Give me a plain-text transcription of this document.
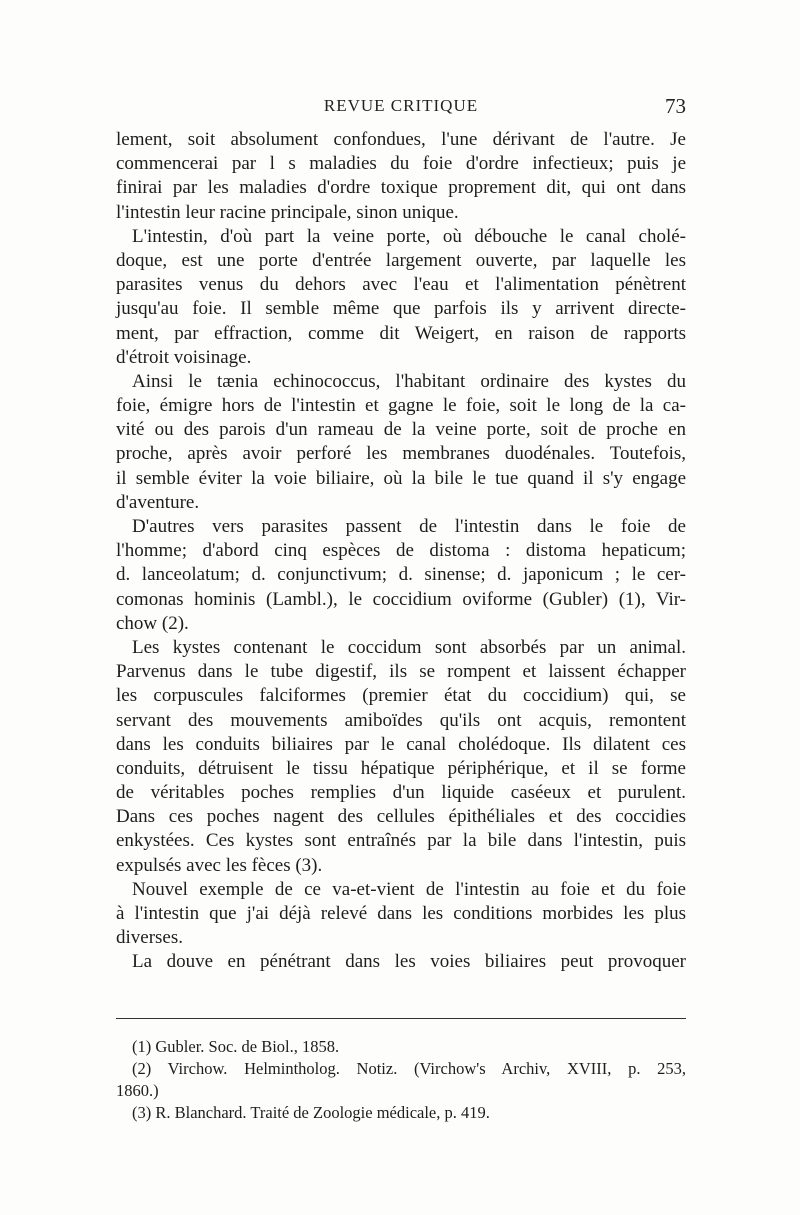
REVUE CRITIQUE	73
lement, soit absolument confondues, l'une dérivant de l'autre. Je
commencerai par l s maladies du foie d'ordre infectieux; puis je
finirai par les maladies d'ordre toxique proprement dit, qui ont dans
l'intestin leur racine principale, sinon unique.
L'intestin, d'où part la veine porte, où débouche le canal cholé-
doque, est une porte d'entrée largement ouverte, par laquelle les
parasites venus du dehors avec l'eau et l'alimentation pénètrent
jusqu'au foie. Il semble même que parfois ils y arrivent directe-
ment, par effraction, comme dit Weigert, en raison de rapports
d'étroit voisinage.
Ainsi le tænia echinococcus, l'habitant ordinaire des kystes du
foie, émigre hors de l'intestin et gagne le foie, soit le long de la ca-
vité ou des parois d'un rameau de la veine porte, soit de proche en
proche, après avoir perforé les membranes duodénales. Toutefois,
il semble éviter la voie biliaire, où la bile le tue quand il s'y engage
d'aventure.
D'autres vers parasites passent de l'intestin dans le foie de
l'homme; d'abord cinq espèces de distoma : distoma hepaticum;
d. lanceolatum; d. conjunctivum; d. sinense; d. japonicum ; le cer-
comonas hominis (Lambl.), le coccidium oviforme (Gubler) (1), Vir-
chow (2).
Les kystes contenant le coccidum sont absorbés par un animal.
Parvenus dans le tube digestif, ils se rompent et laissent échapper
les corpuscules falciformes (premier état du coccidium) qui, se
servant des mouvements amiboïdes qu'ils ont acquis, remontent
dans les conduits biliaires par le canal cholédoque. Ils dilatent ces
conduits, détruisent le tissu hépatique périphérique, et il se forme
de véritables poches remplies d'un liquide caséeux et purulent.
Dans ces poches nagent des cellules épithéliales et des coccidies
enkystées. Ces kystes sont entraînés par la bile dans l'intestin, puis
expulsés avec les fèces (3).
Nouvel exemple de ce va-et-vient de l'intestin au foie et du foie
à l'intestin que j'ai déjà relevé dans les conditions morbides les plus
diverses.
La douve en pénétrant dans les voies biliaires peut provoquer
(1) Gubler. Soc. de Biol., 1858.
(2) Virchow. Helmintholog. Notiz. (Virchow's Archiv, XVIII, p. 253,
1860.)
(3) R. Blanchard. Traité de Zoologie médicale, p. 419.
